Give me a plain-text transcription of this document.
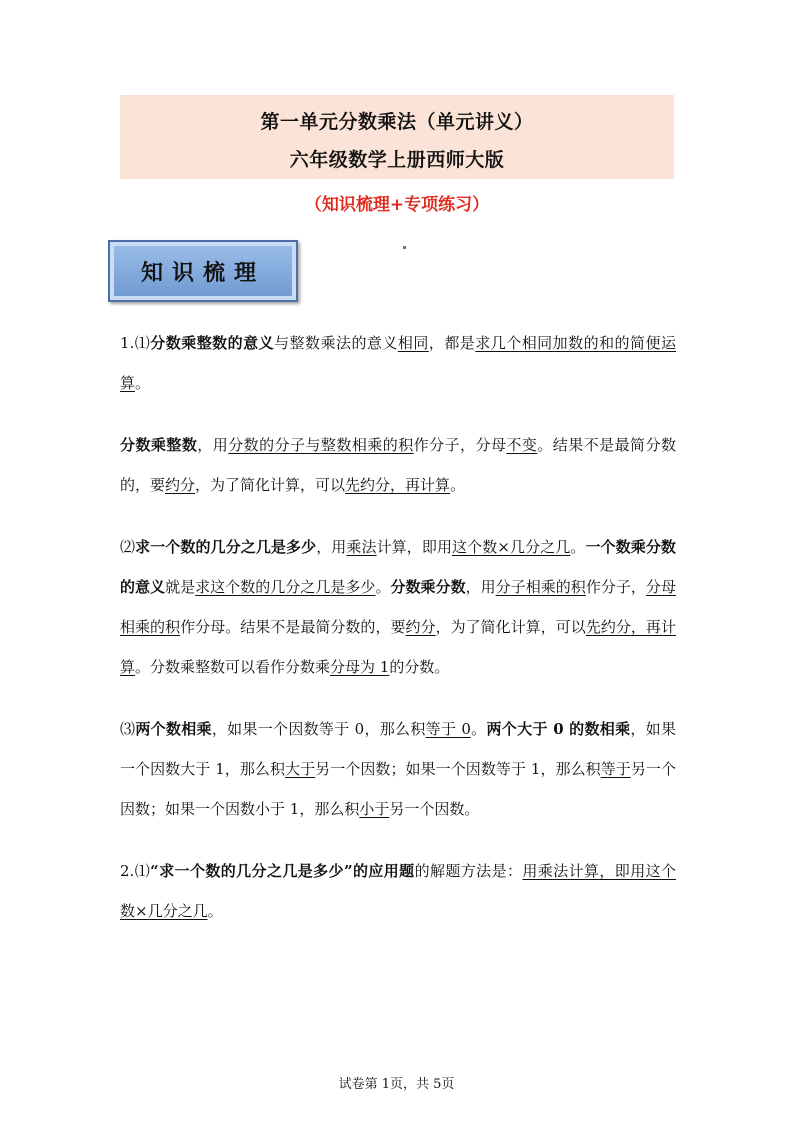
第一单元分数乘法（单元讲义）
六年级数学上册西师大版
（知识梳理+专项练习）
知识梳理

1.⑴分数乘整数的意义与整数乘法的意义相同，都是求几个相同加数的和的简便运算。

分数乘整数，用分数的分子与整数相乘的积作分子，分母不变。结果不是最简分数的，要约分，为了简化计算，可以先约分，再计算。

⑵求一个数的几分之几是多少，用乘法计算，即用这个数×几分之几。一个数乘分数的意义就是求这个数的几分之几是多少。分数乘分数，用分子相乘的积作分子，分母相乘的积作分母。结果不是最简分数的，要约分，为了简化计算，可以先约分，再计算。分数乘整数可以看作分数乘分母为 1的分数。

⑶两个数相乘，如果一个因数等于 0，那么积等于 0。两个大于 0 的数相乘，如果一个因数大于 1，那么积大于另一个因数；如果一个因数等于 1，那么积等于另一个因数；如果一个因数小于 1，那么积小于另一个因数。

2.⑴“求一个数的几分之几是多少”的应用题的解题方法是：用乘法计算，即用这个数×几分之几。

试卷第 1页，共 5页
